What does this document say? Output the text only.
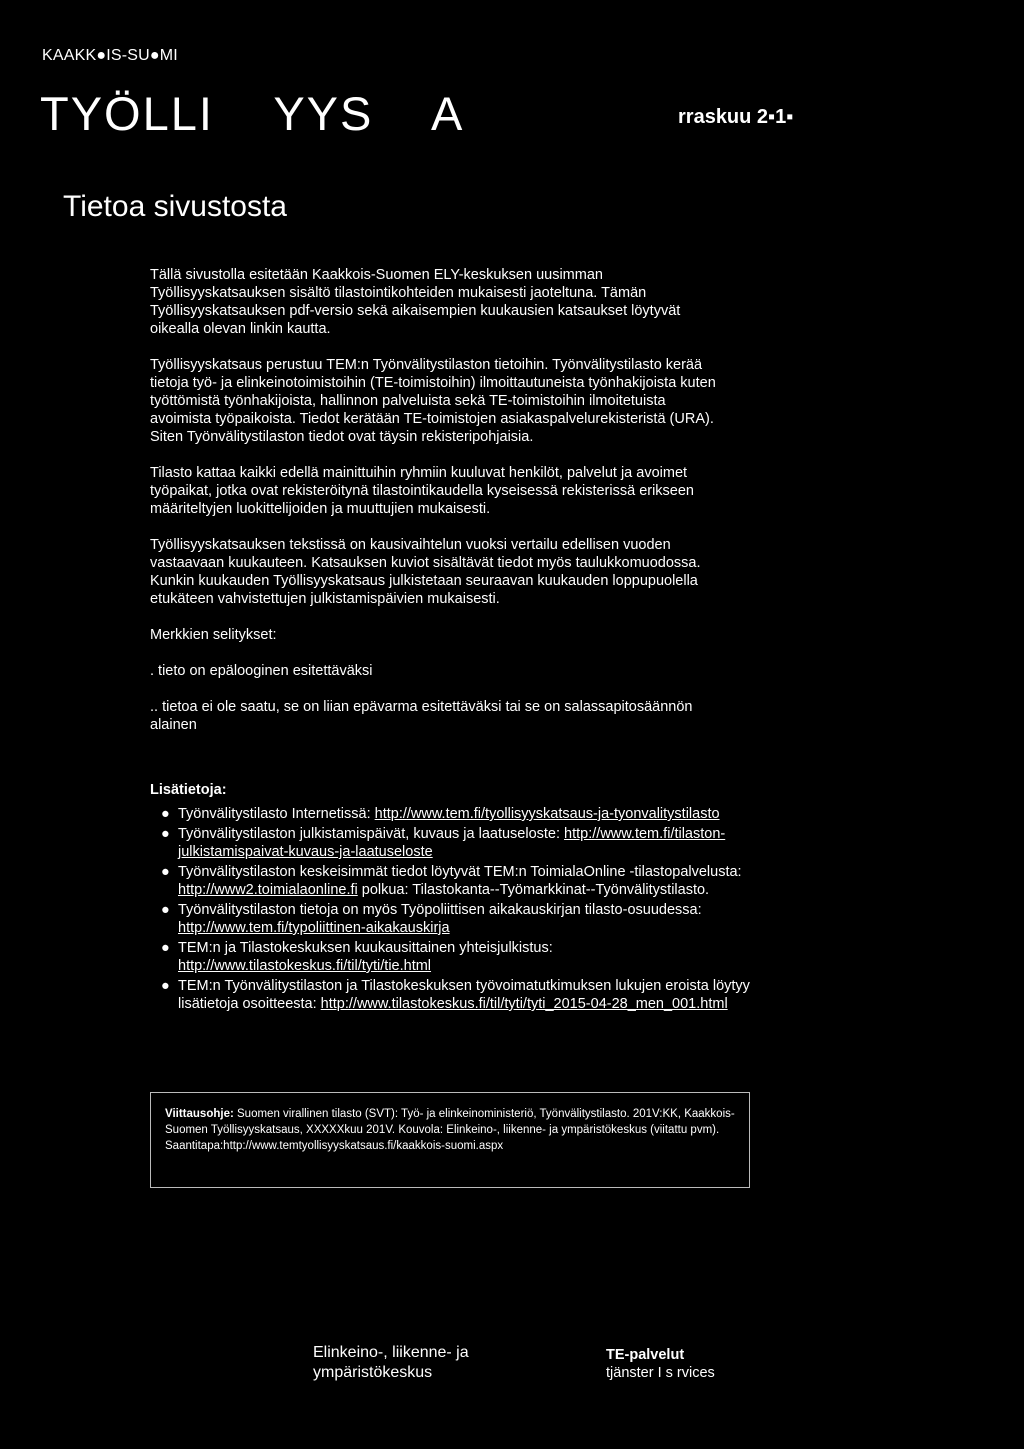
KAAKK●IS-SU●MI
TYÖLLI    YYS    A	rraskuu 2▪1▪
Tietoa sivustosta

Tällä sivustolla esitetään Kaakkois-Suomen ELY-keskuksen uusimman Työllisyyskatsauksen sisältö tilastointikohteiden mukaisesti jaoteltuna. Tämän Työllisyyskatsauksen pdf-versio sekä aikaisempien kuukausien katsaukset löytyvät oikealla olevan linkin kautta.

Työllisyyskatsaus perustuu TEM:n Työnvälitystilaston tietoihin. Työnvälitystilasto kerää tietoja työ- ja elinkeinotoimistoihin (TE-toimistoihin) ilmoittautuneista työnhakijoista kuten työttömistä työnhakijoista, hallinnon palveluista sekä TE-toimistoihin ilmoitetuista avoimista työpaikoista. Tiedot kerätään TE-toimistojen asiakaspalvelurekisteristä (URA). Siten Työnvälitystilaston tiedot ovat täysin rekisteripohjaisia.

Tilasto kattaa kaikki edellä mainittuihin ryhmiin kuuluvat henkilöt, palvelut ja avoimet työpaikat, jotka ovat rekisteröitynä tilastointikaudella kyseisessä rekisterissä erikseen määriteltyjen luokittelijoiden ja muuttujien mukaisesti.

Työllisyyskatsauksen tekstissä on kausivaihtelun vuoksi vertailu edellisen vuoden vastaavaan kuukauteen. Katsauksen kuviot sisältävät tiedot myös taulukkomuodossa. Kunkin kuukauden Työllisyyskatsaus julkistetaan seuraavan kuukauden loppupuolella etukäteen vahvistettujen julkistamispäivien mukaisesti.

Merkkien selitykset:

. tieto on epälooginen esitettäväksi

.. tietoa ei ole saatu, se on liian epävarma esitettäväksi tai se on salassapitosäännön alainen

Lisätietoja:
● Työnvälitystilasto Internetissä: http://www.tem.fi/tyollisyyskatsaus-ja-tyonvalitystilasto
● Työnvälitystilaston julkistamispäivät, kuvaus ja laatuseloste: http://www.tem.fi/tilaston-julkistamispaivat-kuvaus-ja-laatuseloste
● Työnvälitystilaston keskeisimmät tiedot löytyvät TEM:n ToimialaOnline -tilastopalvelusta: http://www2.toimialaonline.fi polkua: Tilastokanta--Työmarkkinat--Työnvälitystilasto.
● Työnvälitystilaston tietoja on myös Työpoliittisen aikakauskirjan tilasto-osuudessa: http://www.tem.fi/typoliittinen-aikakauskirja
● TEM:n ja Tilastokeskuksen kuukausittainen yhteisjulkistus: http://www.tilastokeskus.fi/til/tyti/tie.html
● TEM:n Työnvälitystilaston ja Tilastokeskuksen työvoimatutkimuksen lukujen eroista löytyy lisätietoja osoitteesta: http://www.tilastokeskus.fi/til/tyti/tyti_2015-04-28_men_001.html
Viittausohje: Suomen virallinen tilasto (SVT): Työ- ja elinkeinoministeriö, Työnvälitystilasto. 201V:KK, Kaakkois-Suomen Työllisyyskatsaus, XXXXXkuu 201V. Kouvola: Elinkeino-, liikenne- ja ympäristökeskus (viitattu pvm). Saantitapa:http://www.temtyollisyyskatsaus.fi/kaakkois-suomi.aspx
Elinkeino-, liikenne- ja
ympäristökeskus
TE-palvelut
tjänster I s rvices
